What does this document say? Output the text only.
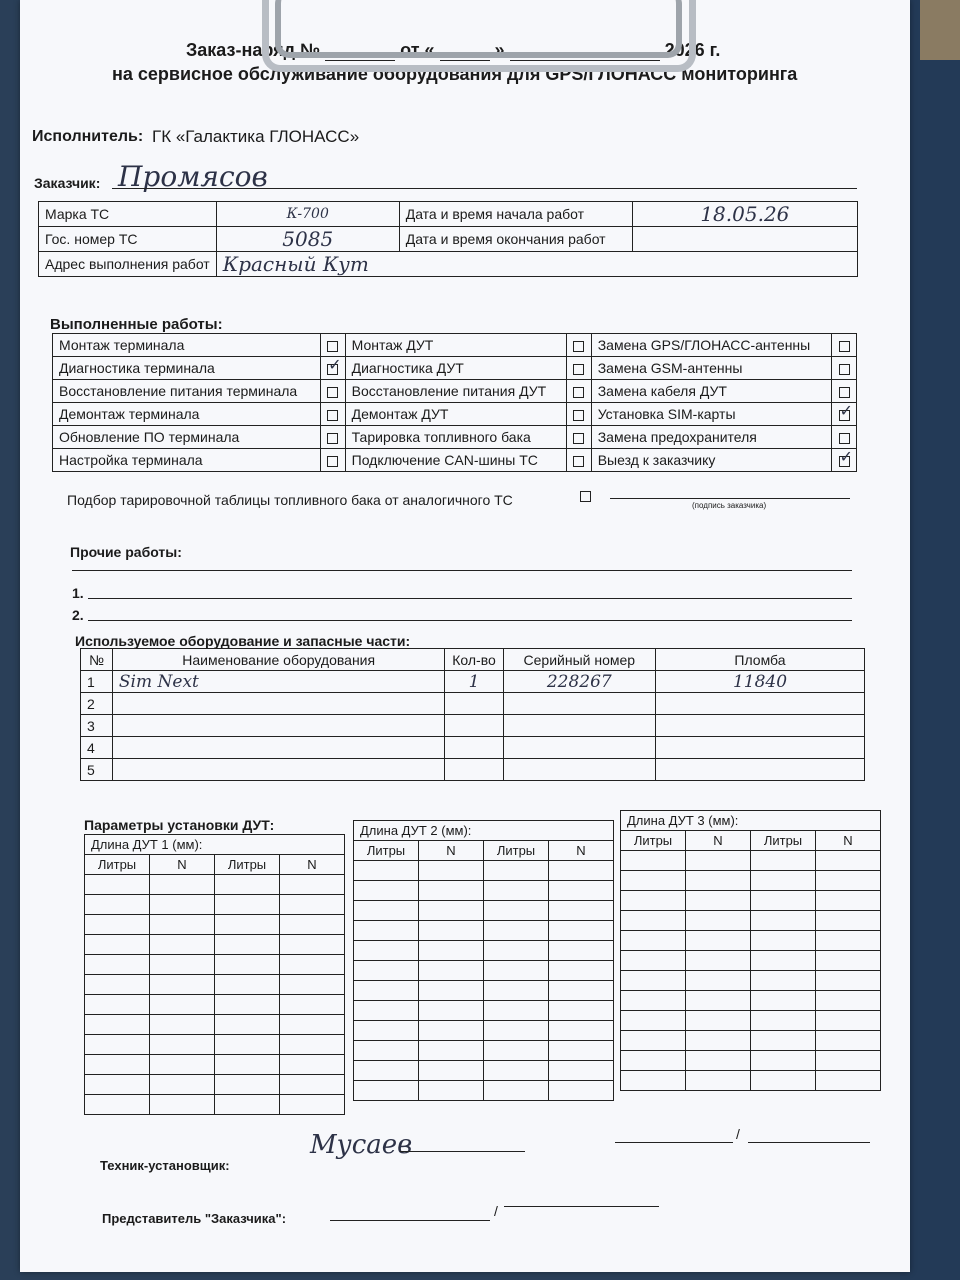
Заказ-наряд №	от «	»	2026 г.
на сервисное обслуживание оборудования для GPS/ГЛОНАСС мониторинга
Исполнитель: ГК «Галактика ГЛОНАСС»
Заказчик: Промясов
Марка ТС	К-700	Дата и время начала работ	18.05.26
Гос. номер ТС	5085	Дата и время окончания работ	
Адрес выполнения работ	Красный Кут		
Выполненные работы:
Монтаж терминала		Монтаж ДУТ		Замена GPS/ГЛОНАСС-антенны	
Диагностика терминала	✓	Диагностика ДУТ		Замена GSM-антенны	
Восстановление питания терминала		Восстановление питания ДУТ		Замена кабеля ДУТ	
Демонтаж терминала		Демонтаж ДУТ		Установка SIM-карты	✓
Обновление ПО терминала		Тарировка топливного бака		Замена предохранителя	
Настройка терминала		Подключение CAN-шины ТС		Выезд к заказчику	✓
Подбор тарировочной таблицы топливного бака от аналогичного ТС	(подпись заказчика)
Прочие работы:
1.
2.
Используемое оборудование и запасные части:
№	Наименование оборудования	Кол-во	Серийный номер	Пломба
1	Sim Next	1	228267	11840
2				
3				
4				
5				
Параметры установки ДУТ:
Длина ДУТ 1 (мм):			
Литры	N	Литры	N

Длина ДУТ 2 (мм):			
Литры	N	Литры	N

Длина ДУТ 3 (мм):			
Литры	N	Литры	N

/
Техник-установщик:
Мусаев
Представитель "Заказчика":	/
